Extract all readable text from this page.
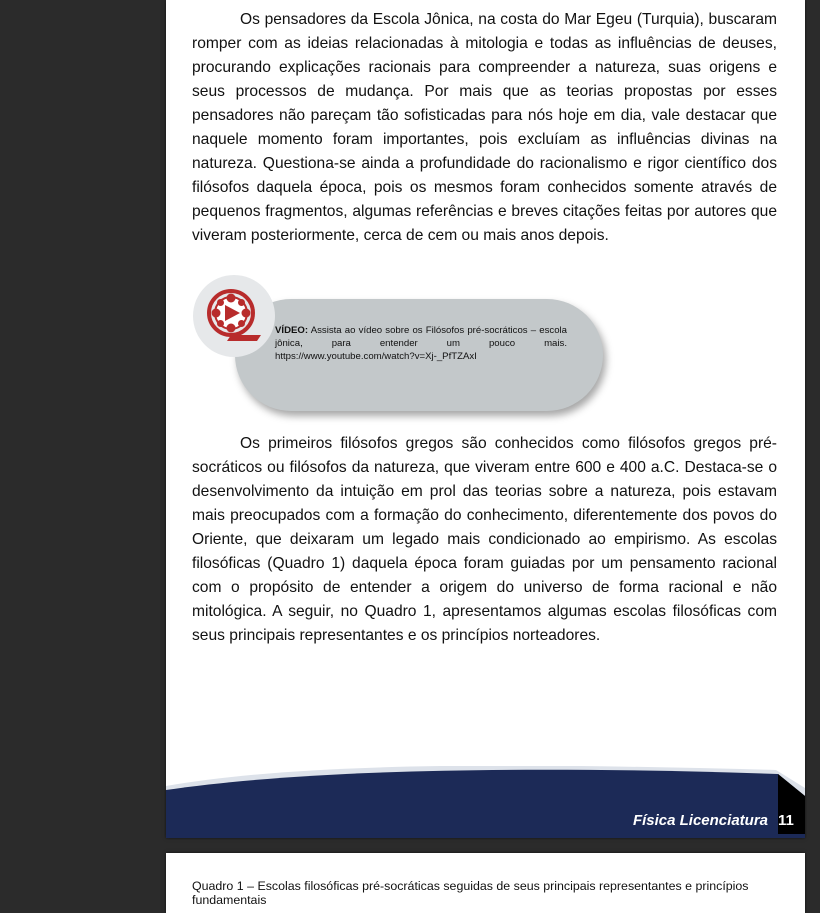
Os pensadores da Escola Jônica, na costa do Mar Egeu (Turquia), buscaram romper com as ideias relacionadas à mitologia e todas as influências de deuses, procurando explicações racionais para compreender a natureza, suas origens e seus processos de mudança. Por mais que as teorias propostas por esses pensadores não pareçam tão sofisticadas para nós hoje em dia, vale destacar que naquele momento foram importantes, pois excluíam as influências divinas na natureza. Questiona-se ainda a profundidade do racionalismo e rigor científico dos filósofos daquela época, pois os mesmos foram conhecidos somente através de pequenos fragmentos, algumas referências e breves citações feitas por autores que viveram posteriormente, cerca de cem ou mais anos depois.

VÍDEO: Assista ao vídeo sobre os Filósofos pré-socráticos – escola jônica, para entender um pouco mais. https://www.youtube.com/watch?v=Xj-_PfTZAxI

Os primeiros filósofos gregos são conhecidos como filósofos gregos pré-socráticos ou filósofos da natureza, que viveram entre 600 e 400 a.C. Destaca-se o desenvolvimento da intuição em prol das teorias sobre a natureza, pois estavam mais preocupados com a formação do conhecimento, diferentemente dos povos do Oriente, que deixaram um legado mais condicionado ao empirismo. As escolas filosóficas (Quadro 1) daquela época foram guiadas por um pensamento racional com o propósito de entender a origem do universo de forma racional e não mitológica. A seguir, no Quadro 1, apresentamos algumas escolas filosóficas com seus principais representantes e os princípios norteadores.

Física Licenciatura 11

Quadro 1 – Escolas filosóficas pré-socráticas seguidas de seus principais representantes e princípios fundamentais
